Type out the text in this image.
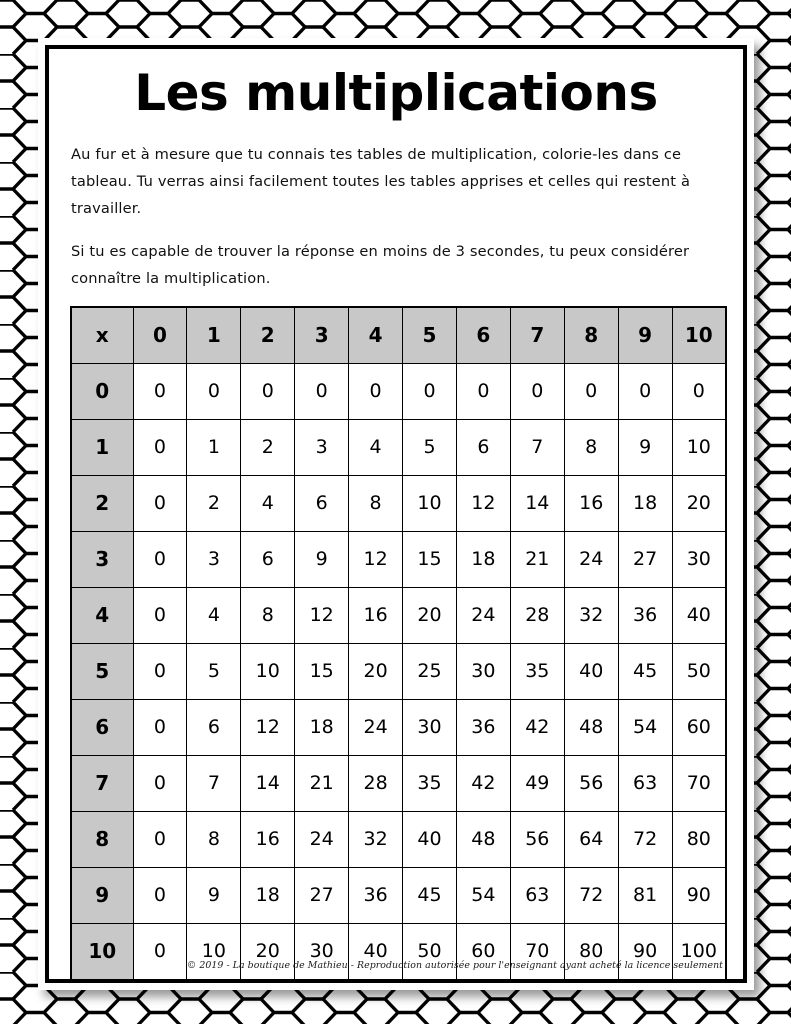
Les multiplications

Au fur et à mesure que tu connais tes tables de multiplication, colorie-les dans ce tableau. Tu verras ainsi facilement toutes les tables apprises et celles qui restent à travailler.

Si tu es capable de trouver la réponse en moins de 3 secondes, tu peux considérer connaître la multiplication.

x	0	1	2	3	4	5	6	7	8	9	10
0	0	0	0	0	0	0	0	0	0	0	0
1	0	1	2	3	4	5	6	7	8	9	10
2	0	2	4	6	8	10	12	14	16	18	20
3	0	3	6	9	12	15	18	21	24	27	30
4	0	4	8	12	16	20	24	28	32	36	40
5	0	5	10	15	20	25	30	35	40	45	50
6	0	6	12	18	24	30	36	42	48	54	60
7	0	7	14	21	28	35	42	49	56	63	70
8	0	8	16	24	32	40	48	56	64	72	80
9	0	9	18	27	36	45	54	63	72	81	90
10	0	10	20	30	40	50	60	70	80	90	100
© 2019 - La boutique de Mathieu - Reproduction autorisée pour l'enseignant ayant acheté la licence seulement
